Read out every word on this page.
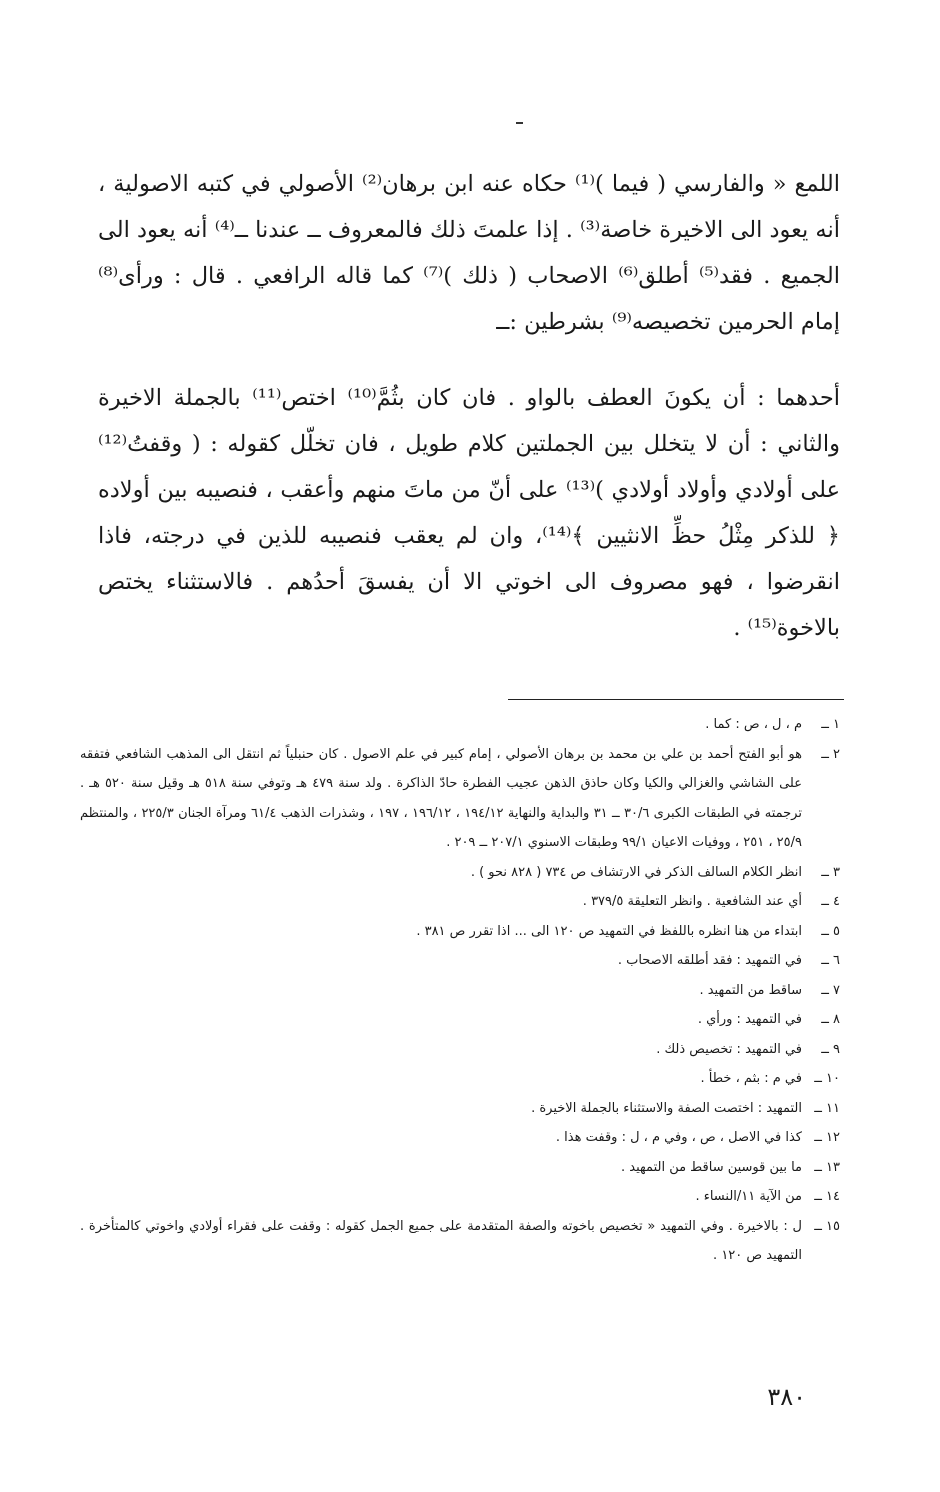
اللمع « والفارسي ( فيما )⁽¹⁾ حكاه عنه ابن برهان⁽²⁾ الأصولي في كتبه الاصولية ، أنه يعود الى الاخيرة خاصة⁽³⁾ . إذا علمتَ ذلك فالمعروف ــ عندنا ــ⁽⁴⁾ أنه يعود الى الجميع . فقد⁽⁵⁾ أطلق⁽⁶⁾ الاصحاب ( ذلك )⁽⁷⁾ كما قاله الرافعي . قال : ورأى⁽⁸⁾ إمام الحرمين تخصيصه⁽⁹⁾ بشرطين :ــ

أحدهما : أن يكونَ العطف بالواو . فان كان بثُمَّ⁽¹⁰⁾ اختص⁽¹¹⁾ بالجملة الاخيرة والثاني : أن لا يتخلل بين الجملتين كلام طويل ، فان تخلّل كقوله : ( وقفتُ⁽¹²⁾ على أولادي وأولاد أولادي )⁽¹³⁾ على أنّ من ماتَ منهم وأعقب ، فنصيبه بين أولاده ﴿ للذكر مِثْلُ حظِّ الانثيين ﴾⁽¹⁴⁾، وان لم يعقب فنصيبه للذين في درجته، فاذا انقرضوا ، فهو مصروف الى اخوتي الا أن يفسقَ أحدُهم . فالاستثناء يختص بالاخوة⁽¹⁵⁾ .

١ ــ
م ، ل ، ص : كما .
٢ ــ
هو أبو الفتح أحمد بن علي بن محمد بن برهان الأصولي ، إمام كبير في علم الاصول . كان حنبلياً ثم انتقل الى المذهب الشافعي فتفقه على الشاشي والغزالي والكيا وكان حاذق الذهن عجيب الفطرة حادّ الذاكرة . ولد سنة ٤٧٩ هـ وتوفي سنة ٥١٨ هـ وقيل سنة ٥٢٠ هـ . ترجمته في الطبقات الكبرى ٣٠/٦ ــ ٣١ والبداية والنهاية ١٩٤/١٢ ، ١٩٦/١٢ ، ١٩٧ ، وشذرات الذهب ٦١/٤ ومرآة الجنان ٢٢٥/٣ ، والمنتظم ٢٥/٩ ، ٢٥١ ، ووفيات الاعيان ٩٩/١ وطبقات الاسنوي ٢٠٧/١ ــ ٢٠٩ .
٣ ــ
انظر الكلام السالف الذكر في الارتشاف ص ٧٣٤ ( ٨٢٨ نحو ) .
٤ ــ
أي عند الشافعية . وانظر التعليقة ٣٧٩/٥ .
٥ ــ
ابتداء من هنا انظره باللفظ في التمهيد ص ١٢٠ الى ... اذا تقرر ص ٣٨١ .
٦ ــ
في التمهيد : فقد أطلقه الاصحاب .
٧ ــ
ساقط من التمهيد .
٨ ــ
في التمهيد : ورأي .
٩ ــ
في التمهيد : تخصيص ذلك .
١٠ ــ
في م : بثم ، خطأ .
١١ ــ
التمهيد : اختصت الصفة والاستثناء بالجملة الاخيرة .
١٢ ــ
كذا في الاصل ، ص ، وفي م ، ل : وقفت هذا .
١٣ ــ
ما بين قوسين ساقط من التمهيد .
١٤ ــ
من الآية ١١/النساء .
١٥ ــ
ل : بالاخيرة . وفي التمهيد « تخصيص باخوته والصفة المتقدمة على جميع الجمل كقوله : وقفت على فقراء أولادي واخوتي كالمتأخرة . التمهيد ص ١٢٠ .
٣٨٠
